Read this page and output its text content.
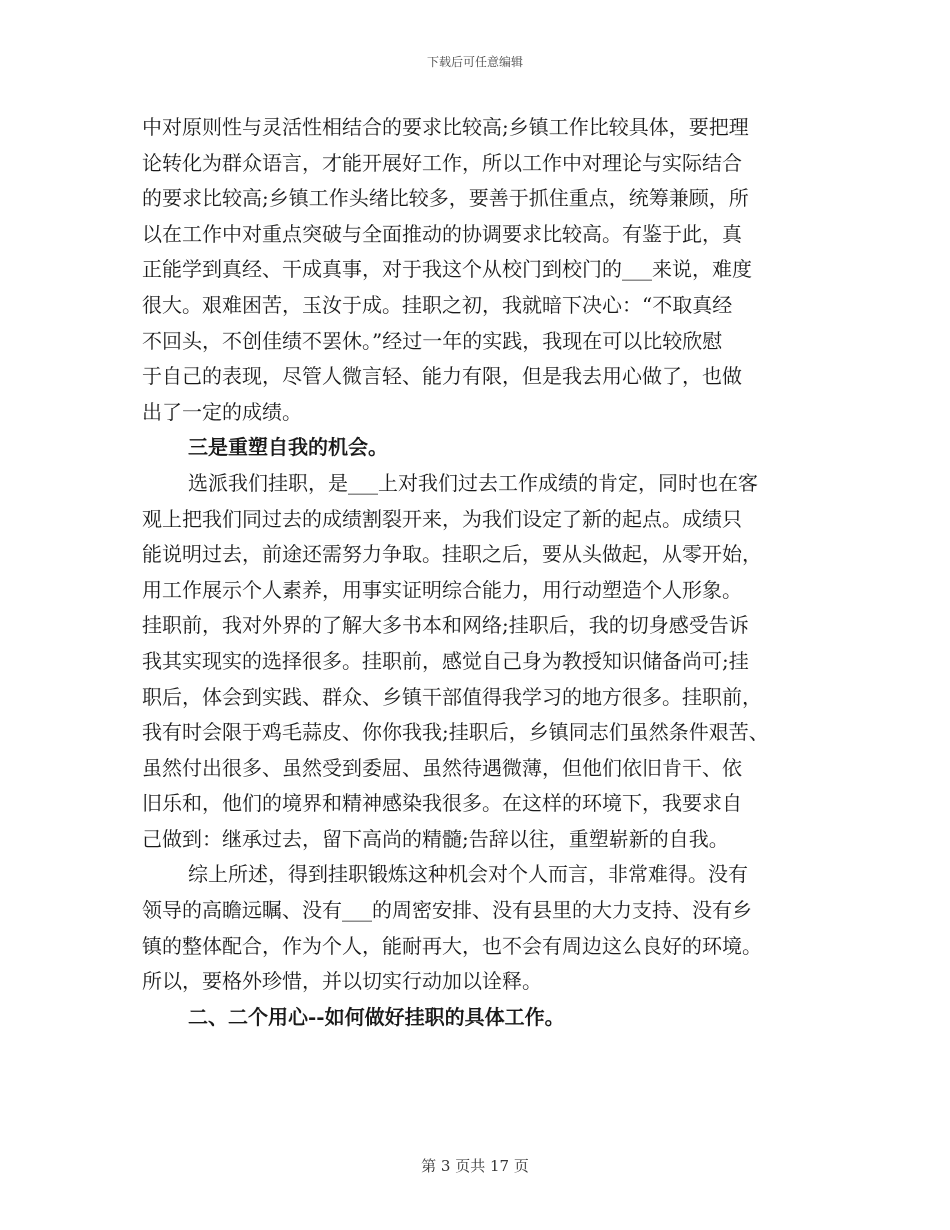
下载后可任意编辑
中对原则性与灵活性相结合的要求比较高;乡镇工作比较具体，要把理
论转化为群众语言，才能开展好工作，所以工作中对理论与实际结合
的要求比较高;乡镇工作头绪比较多，要善于抓住重点，统筹兼顾，所
以在工作中对重点突破与全面推动的协调要求比较高。有鉴于此，真
正能学到真经、干成真事，对于我这个从校门到校门的___来说，难度
很大。艰难困苦，玉汝于成。挂职之初，我就暗下决心：“不取真经
不回头，不创佳绩不罢休。”经过一年的实践，我现在可以比较欣慰
于自己的表现，尽管人微言轻、能力有限，但是我去用心做了，也做
出了一定的成绩。
三是重塑自我的机会。
选派我们挂职，是___上对我们过去工作成绩的肯定，同时也在客
观上把我们同过去的成绩割裂开来，为我们设定了新的起点。成绩只
能说明过去，前途还需努力争取。挂职之后，要从头做起，从零开始，
用工作展示个人素养，用事实证明综合能力，用行动塑造个人形象。
挂职前，我对外界的了解大多书本和网络;挂职后，我的切身感受告诉
我其实现实的选择很多。挂职前，感觉自己身为教授知识储备尚可;挂
职后，体会到实践、群众、乡镇干部值得我学习的地方很多。挂职前，
我有时会限于鸡毛蒜皮、你你我我;挂职后，乡镇同志们虽然条件艰苦、
虽然付出很多、虽然受到委屈、虽然待遇微薄，但他们依旧肯干、依
旧乐和，他们的境界和精神感染我很多。在这样的环境下，我要求自
己做到：继承过去，留下高尚的精髓;告辞以往，重塑崭新的自我。
综上所述，得到挂职锻炼这种机会对个人而言，非常难得。没有
领导的高瞻远瞩、没有___的周密安排、没有县里的大力支持、没有乡
镇的整体配合，作为个人，能耐再大，也不会有周边这么良好的环境。
所以，要格外珍惜，并以切实行动加以诠释。
二、二个用心--如何做好挂职的具体工作。
第 3 页共 17 页
